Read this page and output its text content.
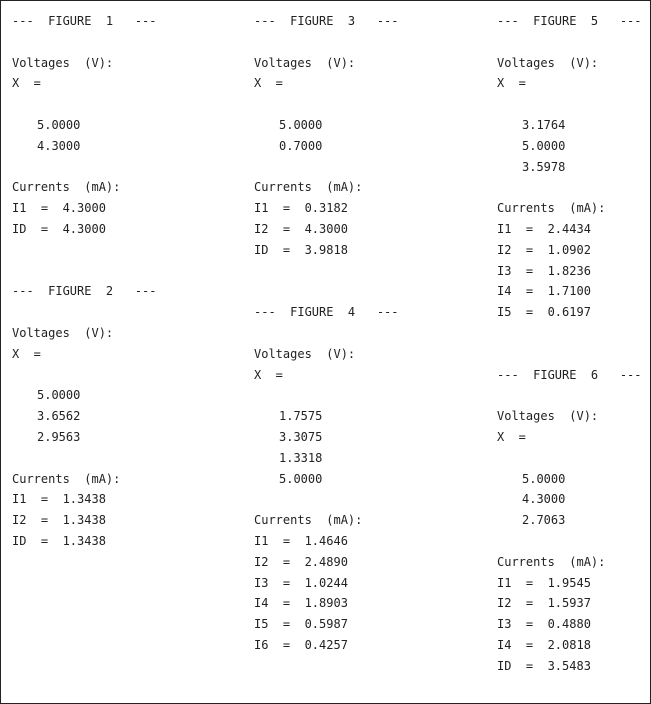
---  FIGURE  1   ---
Voltages  (V):
X  =
5.0000
4.3000
Currents  (mA):
I1  =  4.3000
ID  =  4.3000
---  FIGURE  2   ---
Voltages  (V):
X  =
5.0000
3.6562
2.9563
Currents  (mA):
I1  =  1.3438
I2  =  1.3438
ID  =  1.3438
---  FIGURE  3   ---
Voltages  (V):
X  =
5.0000
0.7000
Currents  (mA):
I1  =  0.3182
I2  =  4.3000
ID  =  3.9818
---  FIGURE  4   ---
Voltages  (V):
X  =
1.7575
3.3075
1.3318
5.0000
Currents  (mA):
I1  =  1.4646
I2  =  2.4890
I3  =  1.0244
I4  =  1.8903
I5  =  0.5987
I6  =  0.4257
---  FIGURE  5   ---
Voltages  (V):
X  =
3.1764
5.0000
3.5978
Currents  (mA):
I1  =  2.4434
I2  =  1.0902
I3  =  1.8236
I4  =  1.7100
I5  =  0.6197
---  FIGURE  6   ---
Voltages  (V):
X  =
5.0000
4.3000
2.7063
Currents  (mA):
I1  =  1.9545
I2  =  1.5937
I3  =  0.4880
I4  =  2.0818
ID  =  3.5483
